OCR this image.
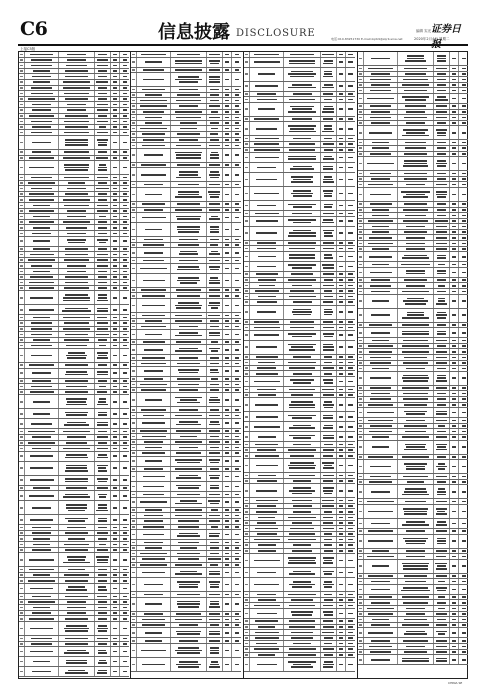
C6	信息披露 DISCLOSURE	电话:010-83251730 E-mail:zqrb9@zqrb.sina.net
编辑 实光 证券日
2020年2月4日 星期二
上接C5版
CHINA SE
